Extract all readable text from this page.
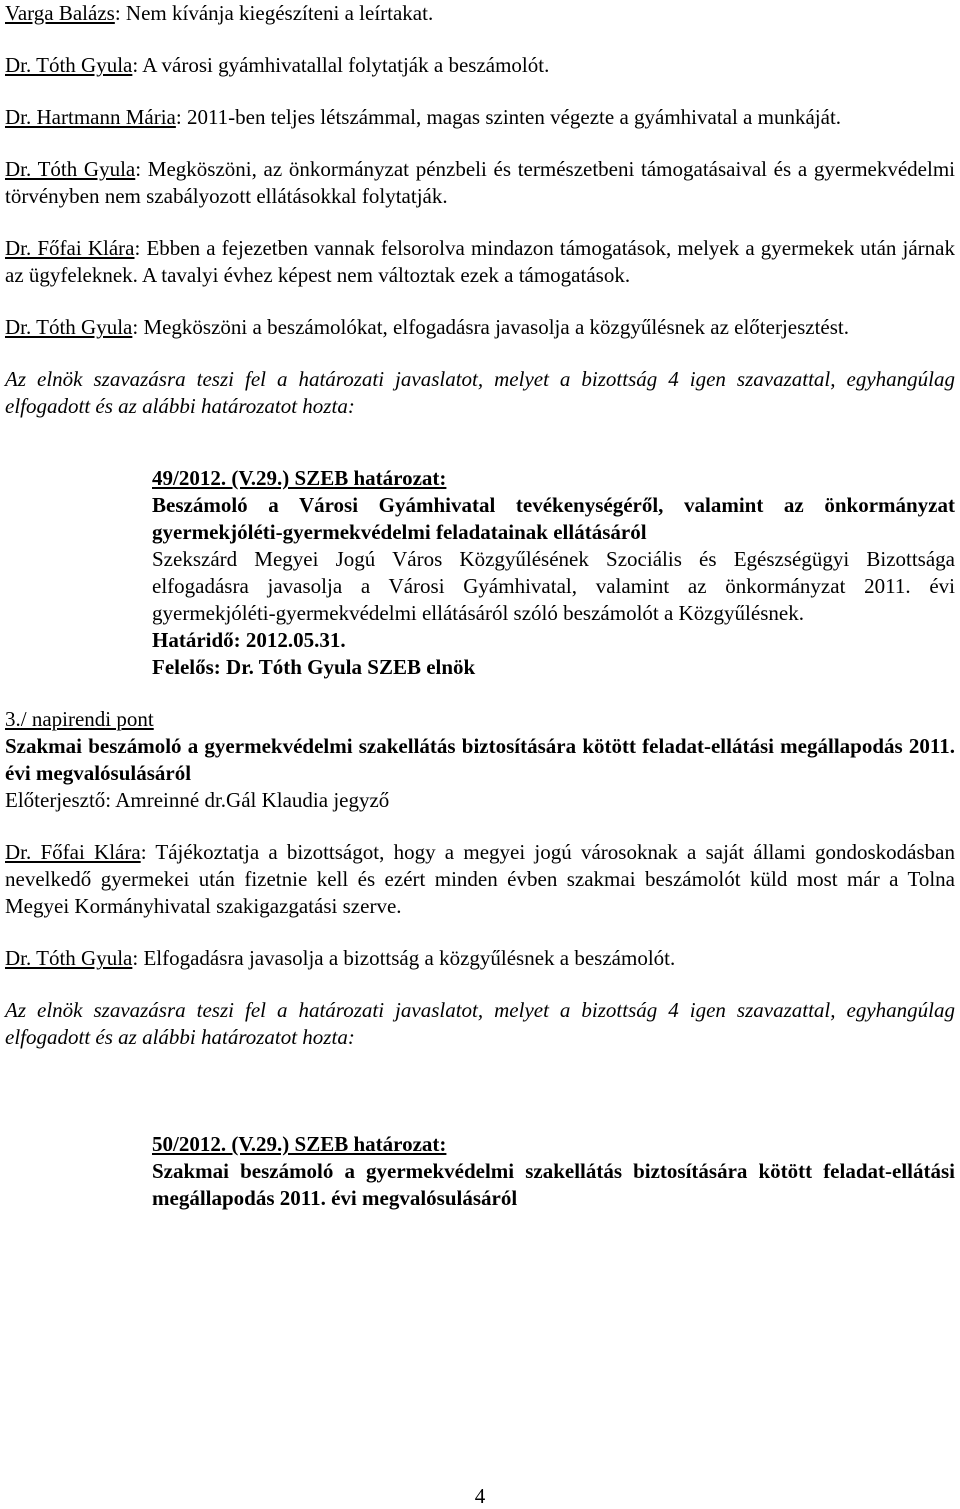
Varga Balázs: Nem kívánja kiegészíteni a leírtakat.

Dr. Tóth Gyula: A városi gyámhivatallal folytatják a beszámolót.

Dr. Hartmann Mária: 2011-ben teljes létszámmal, magas szinten végezte a gyámhivatal a munkáját.

Dr. Tóth Gyula: Megköszöni, az önkormányzat pénzbeli és természetbeni támogatásaival és a gyermekvédelmi törvényben nem szabályozott ellátásokkal folytatják.

Dr. Főfai Klára: Ebben a fejezetben vannak felsorolva mindazon támogatások, melyek a gyermekek után járnak az ügyfeleknek. A tavalyi évhez képest nem változtak ezek a támogatások.

Dr. Tóth Gyula: Megköszöni a beszámolókat, elfogadásra javasolja a közgyűlésnek az előterjesztést.

Az elnök szavazásra teszi fel a határozati javaslatot, melyet a bizottság 4 igen szavazattal, egyhangúlag elfogadott és az alábbi határozatot hozta:

49/2012. (V.29.) SZEB határozat:

Beszámoló a Városi Gyámhivatal tevékenységéről, valamint az önkormányzat gyermekjóléti-gyermekvédelmi feladatainak ellátásáról

Szekszárd Megyei Jogú Város Közgyűlésének Szociális és Egészségügyi Bizottsága elfogadásra javasolja a Városi Gyámhivatal, valamint az önkormányzat 2011. évi gyermekjóléti-gyermekvédelmi ellátásáról szóló beszámolót a Közgyűlésnek.

Határidő: 2012.05.31.

Felelős: Dr. Tóth Gyula SZEB elnök

3./ napirendi pont

Szakmai beszámoló a gyermekvédelmi szakellátás biztosítására kötött feladat-ellátási megállapodás 2011. évi megvalósulásáról

Előterjesztő: Amreinné dr.Gál Klaudia jegyző

Dr. Főfai Klára: Tájékoztatja a bizottságot, hogy a megyei jogú városoknak a saját állami gondoskodásban nevelkedő gyermekei után fizetnie kell és ezért minden évben szakmai beszámolót küld most már a Tolna Megyei Kormányhivatal szakigazgatási szerve.

Dr. Tóth Gyula: Elfogadásra javasolja a bizottság a közgyűlésnek a beszámolót.

Az elnök szavazásra teszi fel a határozati javaslatot, melyet a bizottság 4 igen szavazattal, egyhangúlag elfogadott és az alábbi határozatot hozta:

50/2012. (V.29.) SZEB határozat:

Szakmai beszámoló a gyermekvédelmi szakellátás biztosítására kötött feladat-ellátási megállapodás 2011. évi megvalósulásáról

4
